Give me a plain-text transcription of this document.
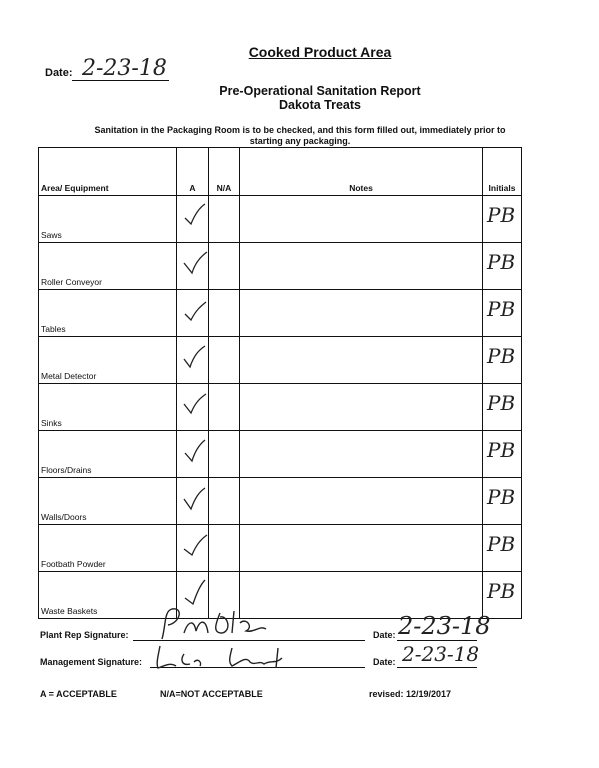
Cooked Product Area
Date: 2-23-18
Pre-Operational Sanitation Report
Dakota Treats
Sanitation in the Packaging Room is to be checked, and this form filled out, immediately prior to
starting any packaging.
Area/ Equipment	A	N/A	Notes	Initials
Saws				PB

Roller Conveyor				PB

Tables				PB

Metal Detector				PB

Sinks				PB

Floors/Drains				PB

Walls/Doors				PB

Footbath Powder				PB

Waste Baskets				PB
Plant Rep Signature:	Date: 2-23-18
Management Signature:	Date: 2-23-18
A = ACCEPTABLE	N/A=NOT ACCEPTABLE	revised: 12/19/2017
